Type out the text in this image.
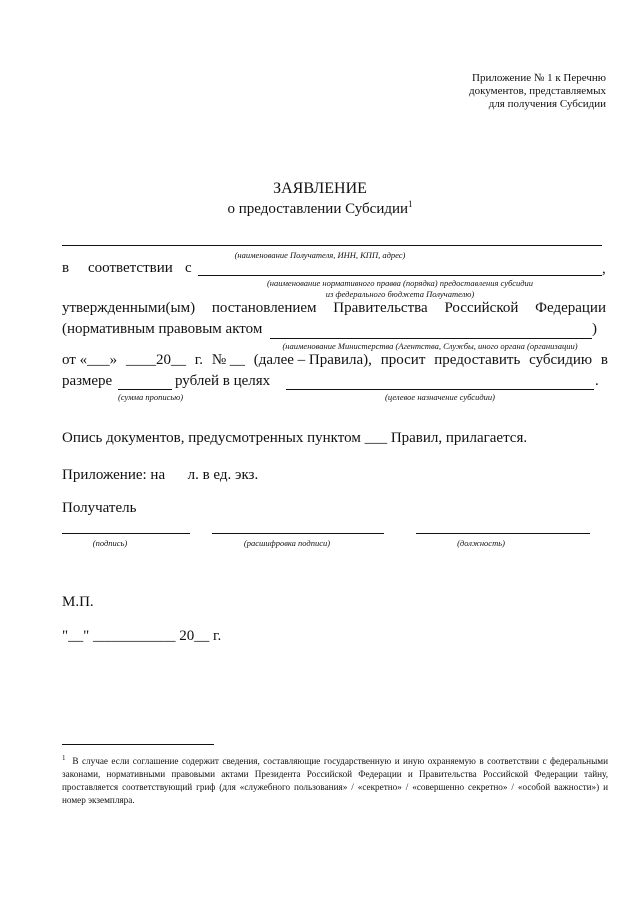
Приложение № 1 к Перечню
документов, представляемых
для получения Субсидии
ЗАЯВЛЕНИЕ
о предоставлении Субсидии$^1$
(наименование Получателя, ИНН, КПП, адрес)
в соответствии с	,
(наименование нормативного правва (порядка) предоставления субсидии
из федерального бюджета Получателю)
утвержденными(ым) постановлением Правительства Российской Федерации
(нормативным правовым актом	)
(наименование Министерства (Агентства, Службы, иного органа (организации)
от «___» ____20__ г. № __ (далее – Правила), просит предоставить субсидию в
размере	рублей в целях	.
(сумма прописью)	(целевое назначение субсидии)
Опись документов, предусмотренных пунктом ___ Правил, прилагается.
Приложение: на      л. в ед. экз.
Получатель
(подпись)	(расшифровка подписи)	(должность)
М.П.
"__" ___________ 20__ г.
$^1$ В случае если соглашение содержит сведения, составляющие государственную и иную охраняемую в соответствии с федеральными законами, нормативными правовыми актами Президента Российской Федерации и Правительства Российской Федерации тайну, проставляется соответствующий гриф (для «служебного пользования» / «секретно» / «совершенно секретно» / «особой важности») и номер экземпляра.
